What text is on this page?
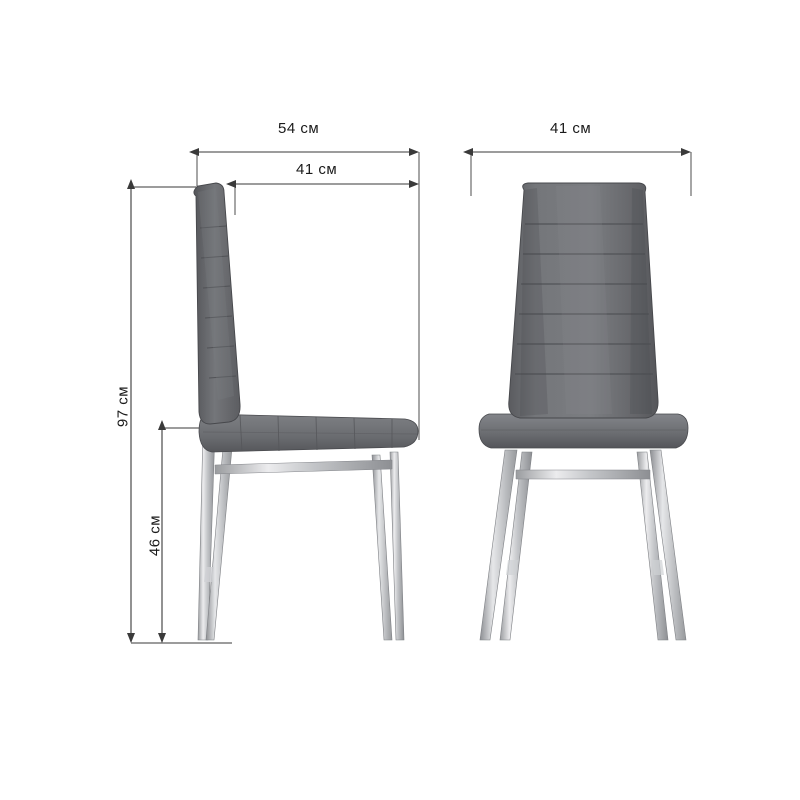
54 см
41 см
41 см
97 см
46 см
